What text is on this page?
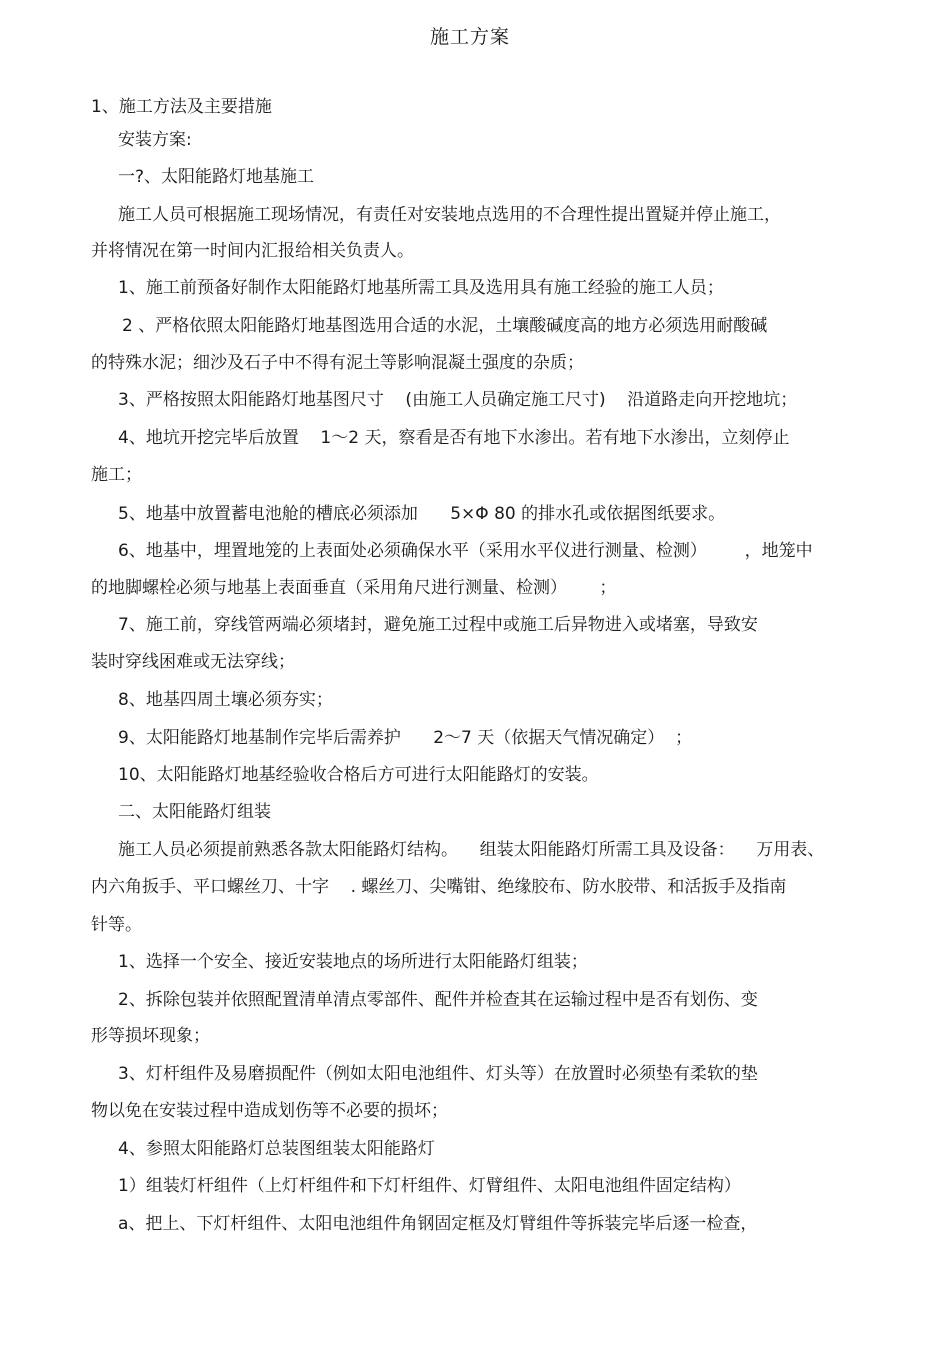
施工方案
1、施工方法及主要措施
安装方案:
一?、太阳能路灯地基施工
施工人员可根据施工现场情况，有责任对安装地点选用的不合理性提出置疑并停止施工，
并将情况在第一时间内汇报给相关负责人。
1、施工前预备好制作太阳能路灯地基所需工具及选用具有施工经验的施工人员；
2 、严格依照太阳能路灯地基图选用合适的水泥，土壤酸碱度高的地方必须选用耐酸碱
的特殊水泥；细沙及石子中不得有泥土等影响混凝土强度的杂质；
3、严格按照太阳能路灯地基图尺寸    (由施工人员确定施工尺寸)    沿道路走向开挖地坑；
4、地坑开挖完毕后放置    1～2 天，察看是否有地下水渗出。若有地下水渗出，立刻停止
施工；
5、地基中放置蓄电池舱的槽底必须添加      5×Φ 80 的排水孔或依据图纸要求。
6、地基中，埋置地笼的上表面处必须确保水平（采用水平仪进行测量、检测）       ，地笼中
的地脚螺栓必须与地基上表面垂直（采用角尺进行测量、检测）      ；
7、施工前，穿线管两端必须堵封，避免施工过程中或施工后异物进入或堵塞，导致安
装时穿线困难或无法穿线；
8、地基四周土壤必须夯实；
9、太阳能路灯地基制作完毕后需养护      2～7 天（依据天气情况确定）  ；
10、太阳能路灯地基经验收合格后方可进行太阳能路灯的安装。
二、太阳能路灯组装
施工人员必须提前熟悉各款太阳能路灯结构。    组装太阳能路灯所需工具及设备：    万用表、
内六角扳手、平口螺丝刀、十字    . 螺丝刀、尖嘴钳、绝缘胶布、防水胶带、和活扳手及指南
针等。
1、选择一个安全、接近安装地点的场所进行太阳能路灯组装；
2、拆除包装并依照配置清单清点零部件、配件并检查其在运输过程中是否有划伤、变
形等损坏现象；
3、灯杆组件及易磨损配件（例如太阳电池组件、灯头等）在放置时必须垫有柔软的垫
物以免在安装过程中造成划伤等不必要的损坏；
4、参照太阳能路灯总装图组装太阳能路灯
1）组装灯杆组件（上灯杆组件和下灯杆组件、灯臂组件、太阳电池组件固定结构）
a、把上、下灯杆组件、太阳电池组件角钢固定框及灯臂组件等拆装完毕后逐一检查，
